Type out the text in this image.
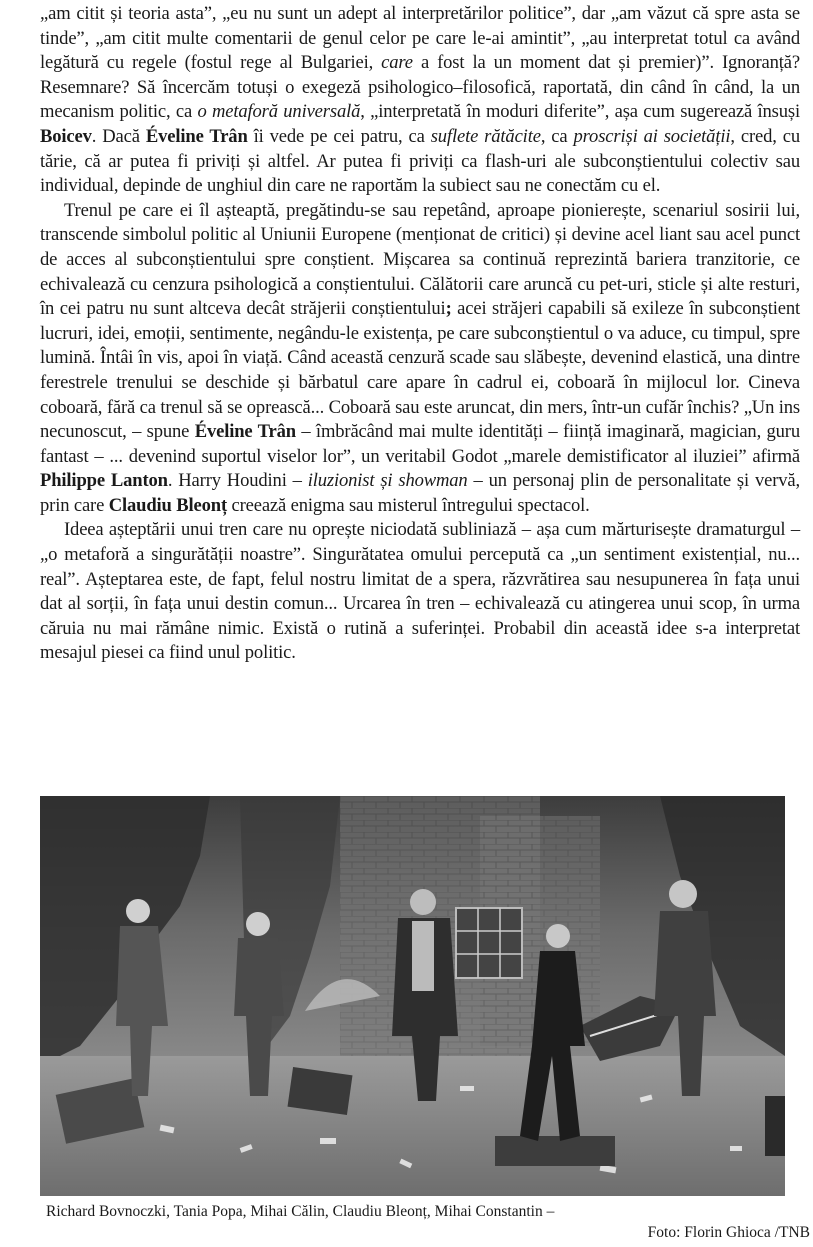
„am citit și teoria asta”, „eu nu sunt un adept al interpretărilor politice”, dar „am văzut că spre asta se tinde”, „am citit multe comentarii de genul celor pe care le-ai amintit”, „au interpretat totul ca având legătură cu regele (fostul rege al Bulgariei, care a fost la un moment dat și premier)”. Ignoranță? Resemnare? Să încercăm totuși o exegeză psihologico–filosofică, raportată, din când în când, la un mecanism politic, ca o metaforă universală, „interpretată în moduri diferite”, așa cum sugerează însuși Boicev. Dacă Éveline Trân îi vede pe cei patru, ca suflete rătăcite, ca proscriși ai societății, cred, cu tărie, că ar putea fi priviți și altfel. Ar putea fi priviți ca flash-uri ale subconștientului colectiv sau individual, depinde de unghiul din care ne raportăm la subiect sau ne conectăm cu el.

Trenul pe care ei îl așteaptă, pregătindu-se sau repetând, aproape pionierește, scenariul sosirii lui, transcende simbolul politic al Uniunii Europene (menționat de critici) și devine acel liant sau acel punct de acces al subconștientului spre conștient. Mișcarea sa continuă reprezintă bariera tranzitorie, ce echivalează cu cenzura psihologică a conștientului. Călătorii care aruncă cu pet-uri, sticle și alte resturi, în cei patru nu sunt altceva decât străjerii conștientului; acei străjeri capabili să exileze în subconștient lucruri, idei, emoții, sentimente, negându-le existența, pe care subconștientul o va aduce, cu timpul, spre lumină. Întâi în vis, apoi în viață. Când această cenzură scade sau slăbește, devenind elastică, una dintre ferestrele trenului se deschide și bărbatul care apare în cadrul ei, coboară în mijlocul lor. Cineva coboară, fără ca trenul să se oprească... Coboară sau este aruncat, din mers, într-un cufăr închis? „Un ins necunoscut, – spune Éveline Trân – îmbrăcând mai multe identități – ființă imaginară, magician, guru fantast – ... devenind suportul viselor lor”, un veritabil Godot „marele demistificator al iluziei” afirmă Philippe Lanton. Harry Houdini – iluzionist și showman – un personaj plin de personalitate și vervă, prin care Claudiu Bleonț creează enigma sau misterul întregului spectacol.

Ideea așteptării unui tren care nu oprește niciodată subliniază – așa cum mărturisește dramaturgul – „o metaforă a singurătății noastre”. Singurătatea omului percepută ca „un sentiment existențial, nu... real”. Așteptarea este, de fapt, felul nostru limitat de a spera, răzvrătirea sau nesupunerea în fața unui dat al sorții, în fața unui destin comun... Urcarea în tren – echivalează cu atingerea unui scop, în urma căruia nu mai rămâne nimic. Există o rutină a suferinței. Probabil din această idee s-a interpretat mesajul piesei ca fiind unul politic.

Richard Bovnoczki, Tania Popa, Mihai Călin, Claudiu Bleonț, Mihai Constantin –
Foto: Florin Ghioca /TNB
